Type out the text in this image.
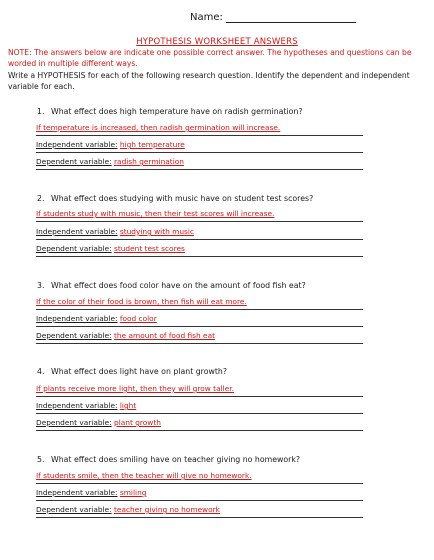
Name:
HYPOTHESIS WORKSHEET ANSWERS
NOTE: The answers below are indicate one possible correct answer. The hypotheses and questions can be worded in multiple different ways.
Write a HYPOTHESIS for each of the following research question. Identify the dependent and independent variable for each.
1. What effect does high temperature have on radish germination?
If temperature is increased, then radish germination will increase.
Independent variable: high temperature
Dependent variable: radish germination
2. What effect does studying with music have on student test scores?
If students study with music, then their test scores will increase.
Independent variable: studying with music
Dependent variable: student test scores
3. What effect does food color have on the amount of food fish eat?
If the color of their food is brown, then fish will eat more.
Independent variable: food color
Dependent variable: the amount of food fish eat
4. What effect does light have on plant growth?
If plants receive more light, then they will grow taller.
Independent variable: light
Dependent variable: plant growth
5. What effect does smiling have on teacher giving no homework?
If students smile, then the teacher will give no homework.
Independent variable: smiling
Dependent variable: teacher giving no homework
